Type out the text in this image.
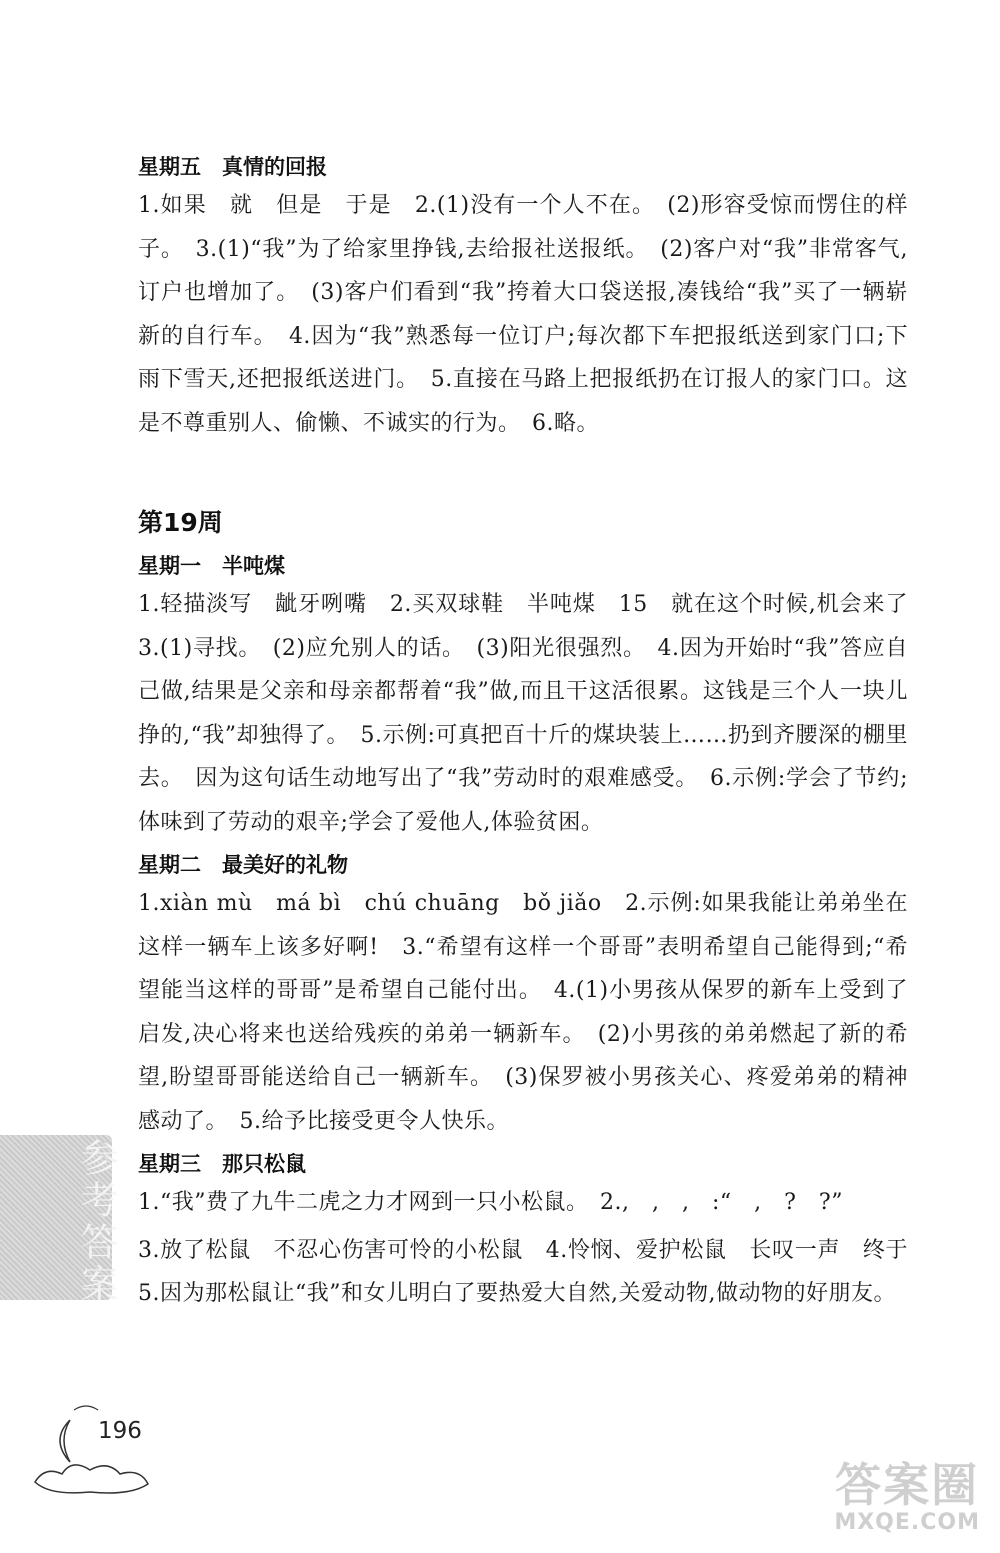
星期五　真情的回报

1.如果　就　但是　于是　2.(1)没有一个人不在。　(2)形容受惊而愣住的样子。　3.(1)“我”为了给家里挣钱,去给报社送报纸。　(2)客户对“我”非常客气,订户也增加了。　(3)客户们看到“我”挎着大口袋送报,凑钱给“我”买了一辆崭新的自行车。　4.因为“我”熟悉每一位订户;每次都下车把报纸送到家门口;下雨下雪天,还把报纸送进门。　5.直接在马路上把报纸扔在订报人的家门口。这是不尊重别人、偷懒、不诚实的行为。　6.略。

第19周
星期一　半吨煤

1.轻描淡写　龇牙咧嘴　2.买双球鞋　半吨煤　15　就在这个时候,机会来了　3.(1)寻找。　(2)应允别人的话。　(3)阳光很强烈。　4.因为开始时“我”答应自己做,结果是父亲和母亲都帮着“我”做,而且干这活很累。这钱是三个人一块儿挣的,“我”却独得了。　5.示例:可真把百十斤的煤块装上……扔到齐腰深的棚里去。　因为这句话生动地写出了“我”劳动时的艰难感受。　6.示例:学会了节约;体味到了劳动的艰辛;学会了爱他人,体验贫困。

星期二　最美好的礼物

1.xiàn mù　má bì　chú chuāng　bǒ jiǎo　2.示例:如果我能让弟弟坐在这样一辆车上该多好啊!　3.“希望有这样一个哥哥”表明希望自己能得到;“希望能当这样的哥哥”是希望自己能付出。　4.(1)小男孩从保罗的新车上受到了启发,决心将来也送给残疾的弟弟一辆新车。　(2)小男孩的弟弟燃起了新的希望,盼望哥哥能送给自己一辆新车。　(3)保罗被小男孩关心、疼爱弟弟的精神感动了。　5.给予比接受更令人快乐。

星期三　那只松鼠

1.“我”费了九牛二虎之力才网到一只小松鼠。　2.,　,　,　:“　,　?　?”

3.放了松鼠　不忍心伤害可怜的小松鼠　4.怜悯、爱护松鼠　长叹一声　终于　5.因为那松鼠让“我”和女儿明白了要热爱大自然,关爱动物,做动物的好朋友。

参考答案
196
答案圈
MXQE.COM
